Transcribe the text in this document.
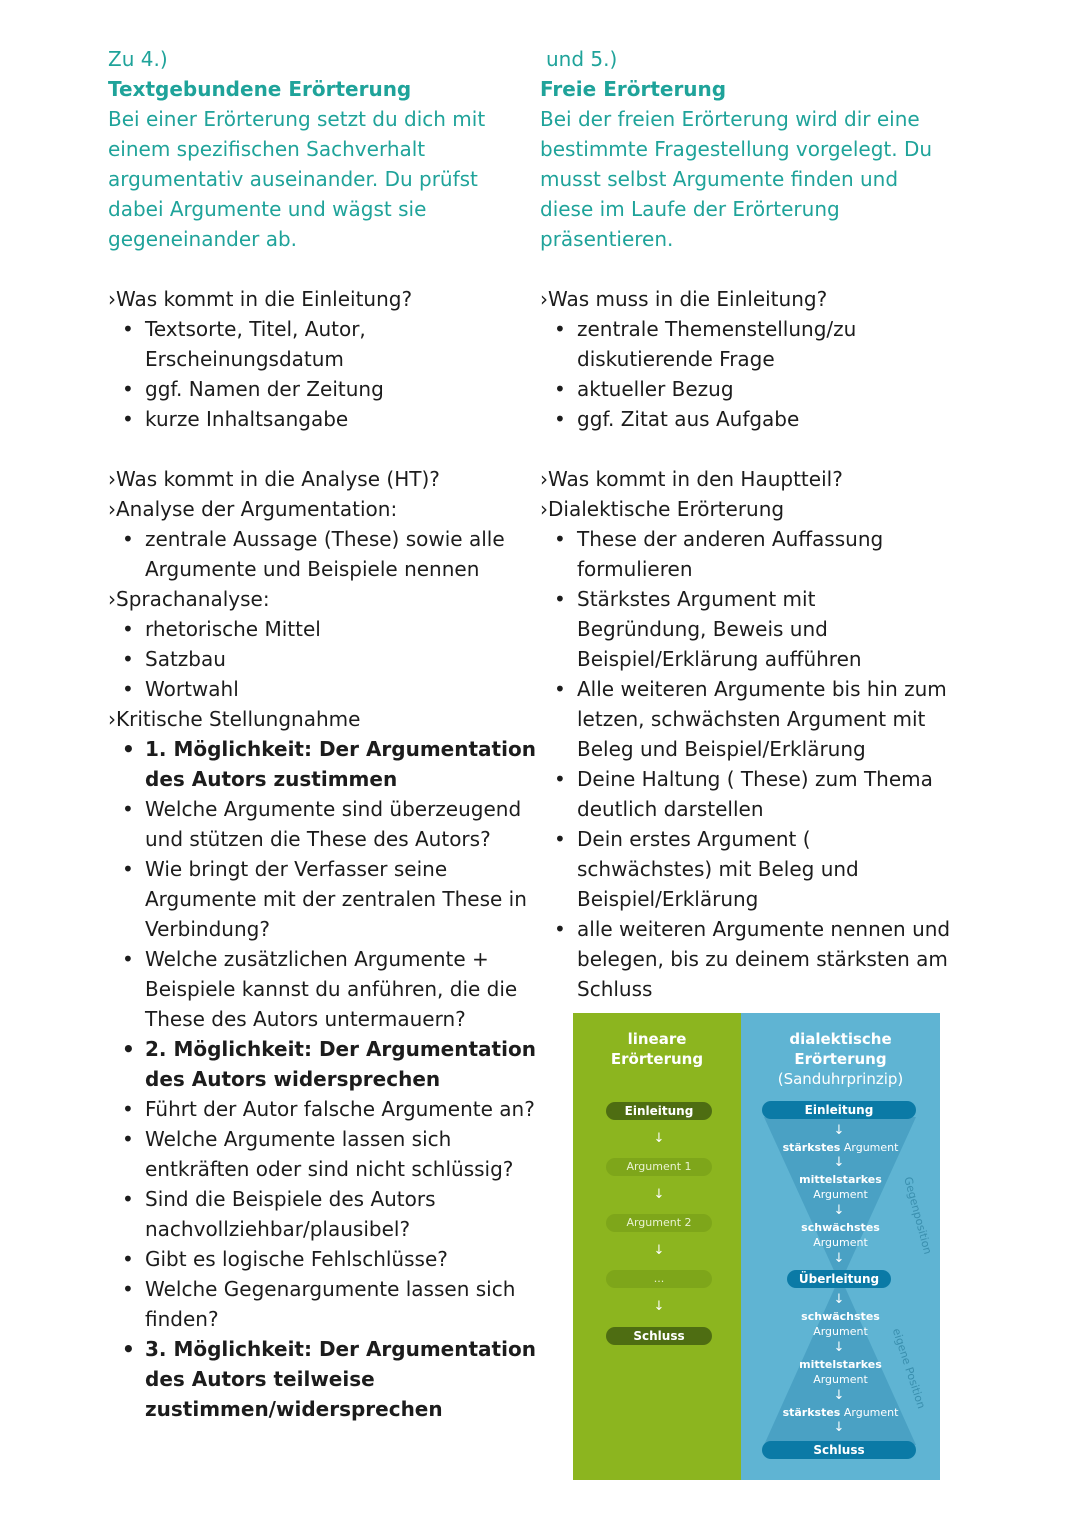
Zu 4.)
Textgebundene Erörterung
Bei einer Erörterung setzt du dich mit
einem spezifischen Sachverhalt
argumentativ auseinander. Du prüfst
dabei Argumente und wägst sie
gegeneinander ab.
›Was kommt in die Einleitung?
• Textsorte, Titel, Autor, Erscheinungsdatum
• ggf. Namen der Zeitung
• kurze Inhaltsangabe
›Was kommt in die Analyse (HT)?
›Analyse der Argumentation:
• zentrale Aussage (These) sowie alle Argumente und Beispiele nennen
›Sprachanalyse:
• rhetorische Mittel
• Satzbau
• Wortwahl
›Kritische Stellungnahme
• 1. Möglichkeit: Der Argumentation des Autors zustimmen
• Welche Argumente sind überzeugend und stützen die These des Autors?
• Wie bringt der Verfasser seine Argumente mit der zentralen These in Verbindung?
• Welche zusätzlichen Argumente + Beispiele kannst du anführen, die die These des Autors untermauern?
• 2. Möglichkeit: Der Argumentation des Autors widersprechen
• Führt der Autor falsche Argumente an?
• Welche Argumente lassen sich entkräften oder sind nicht schlüssig?
• Sind die Beispiele des Autors nachvollziehbar/plausibel?
• Gibt es logische Fehlschlüsse?
• Welche Gegenargumente lassen sich finden?
• 3. Möglichkeit: Der Argumentation des Autors teilweise zustimmen/widersprechen
und 5.)
Freie Erörterung
Bei der freien Erörterung wird dir eine
bestimmte Fragestellung vorgelegt. Du
musst selbst Argumente finden und
diese im Laufe der Erörterung
präsentieren.
›Was muss in die Einleitung?
• zentrale Themenstellung/zu diskutierende Frage
• aktueller Bezug
• ggf. Zitat aus Aufgabe
›Was kommt in den Hauptteil?
›Dialektische Erörterung
• These der anderen Auffassung formulieren
• Stärkstes Argument mit Begründung, Beweis und Beispiel/Erklärung aufführen
• Alle weiteren Argumente bis hin zum letzen, schwächsten Argument mit Beleg und Beispiel/Erklärung
• Deine Haltung ( These) zum Thema deutlich darstellen
• Dein erstes Argument ( schwächstes) mit Beleg und Beispiel/Erklärung
• alle weiteren Argumente nennen und belegen, bis zu deinem stärksten am Schluss
lineare
Erörterung
Einleitung
↓
Argument 1
↓
Argument 2
↓
...
↓
Schluss
dialektische
Erörterung
(Sanduhrprinzip)
Einleitung
↓
stärkstes Argument
↓
mittelstarkes
Argument
↓
schwächstes
Argument
↓
Überleitung
↓
schwächstes
Argument
↓
mittelstarkes
Argument
↓
stärkstes Argument
↓
Schluss
Gegenposition
eigene Position
